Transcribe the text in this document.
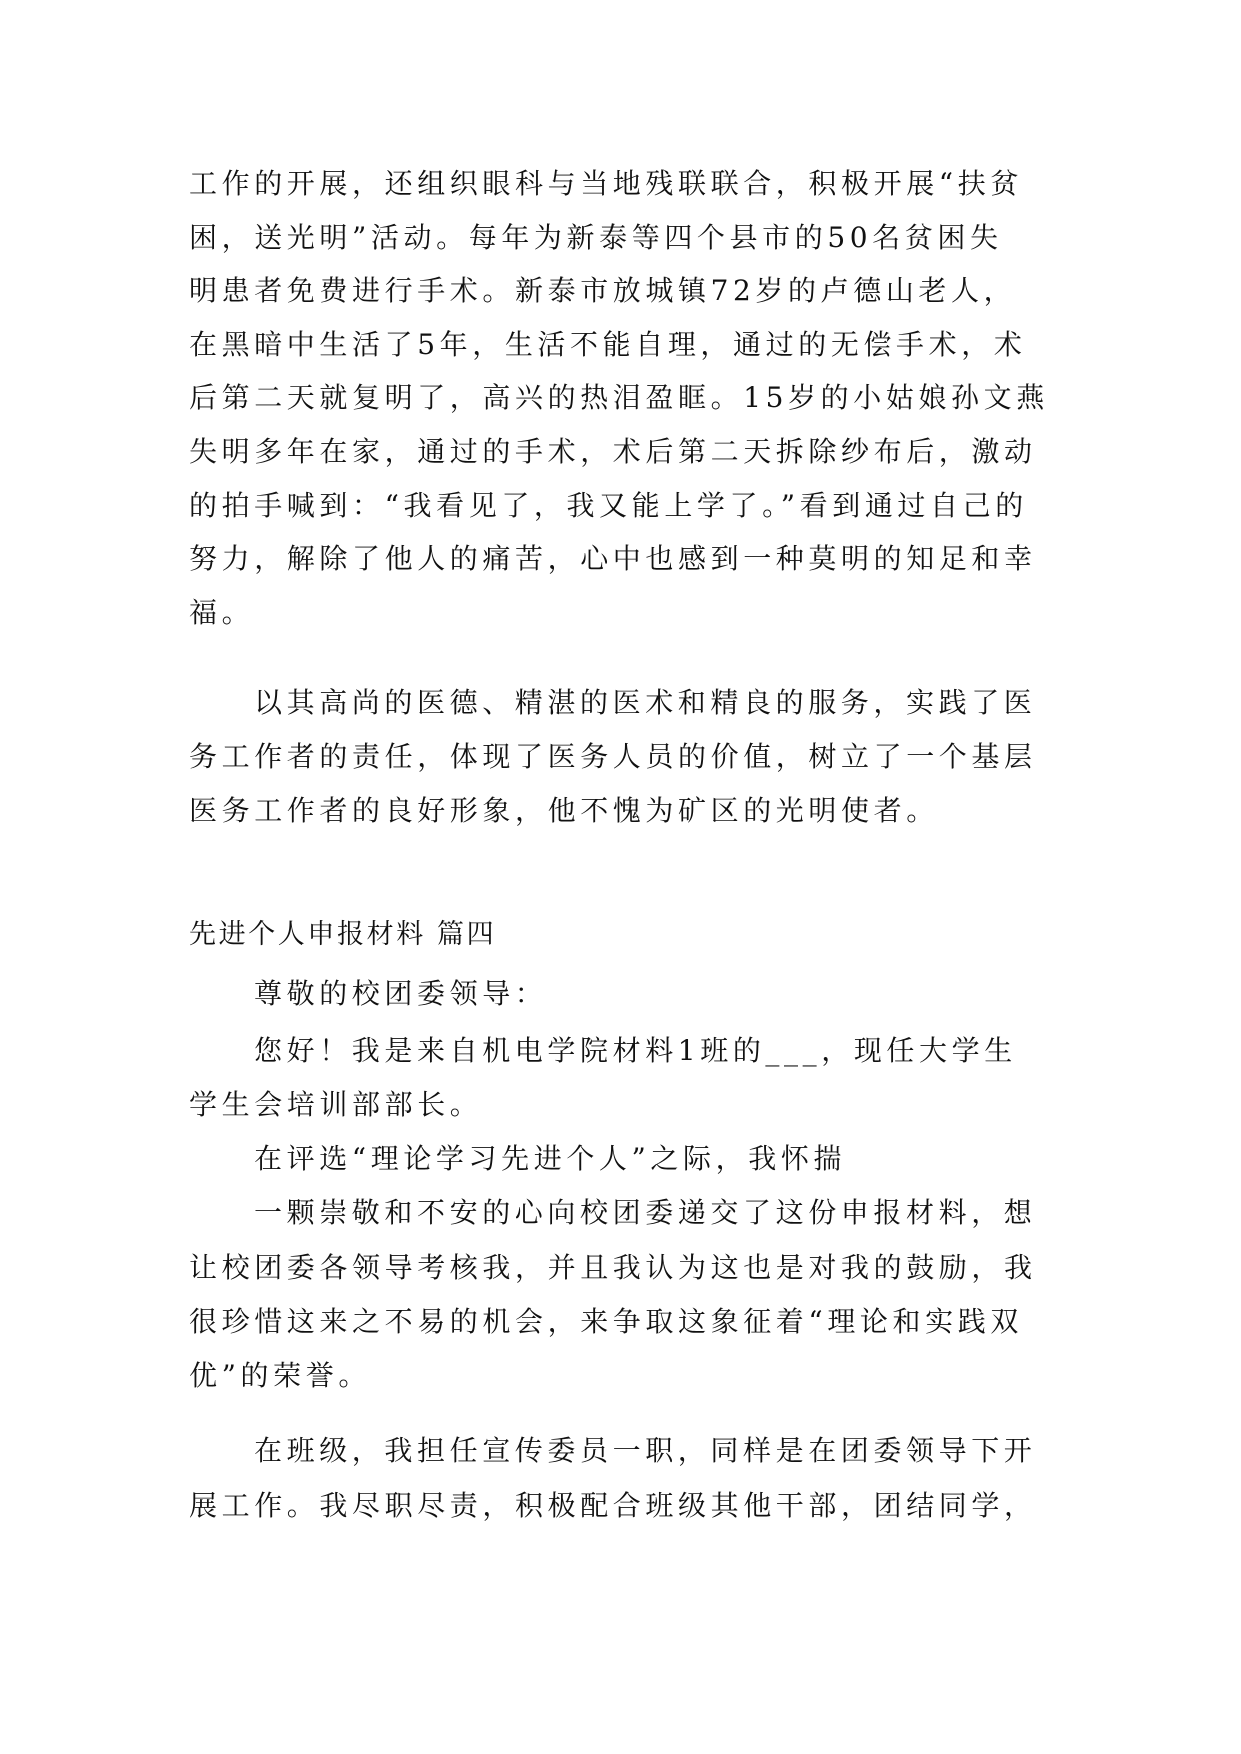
工作的开展，还组织眼科与当地残联联合，积极开展“扶贫
困，送光明”活动。每年为新泰等四个县市的50名贫困失
明患者免费进行手术。新泰市放城镇72岁的卢德山老人，
在黑暗中生活了5年，生活不能自理，通过的无偿手术，术
后第二天就复明了，高兴的热泪盈眶。15岁的小姑娘孙文燕
失明多年在家，通过的手术，术后第二天拆除纱布后，激动
的拍手喊到：“我看见了，我又能上学了。”看到通过自己的
努力，解除了他人的痛苦，心中也感到一种莫明的知足和幸
福。
以其高尚的医德、精湛的医术和精良的服务，实践了医
务工作者的责任，体现了医务人员的价值，树立了一个基层
医务工作者的良好形象，他不愧为矿区的光明使者。
先进个人申报材料 篇四
尊敬的校团委领导：
您好！我是来自机电学院材料1班的___，现任大学生
学生会培训部部长。
在评选“理论学习先进个人”之际，我怀揣
一颗崇敬和不安的心向校团委递交了这份申报材料，想
让校团委各领导考核我，并且我认为这也是对我的鼓励，我
很珍惜这来之不易的机会，来争取这象征着“理论和实践双
优”的荣誉。
在班级，我担任宣传委员一职，同样是在团委领导下开
展工作。我尽职尽责，积极配合班级其他干部，团结同学，
